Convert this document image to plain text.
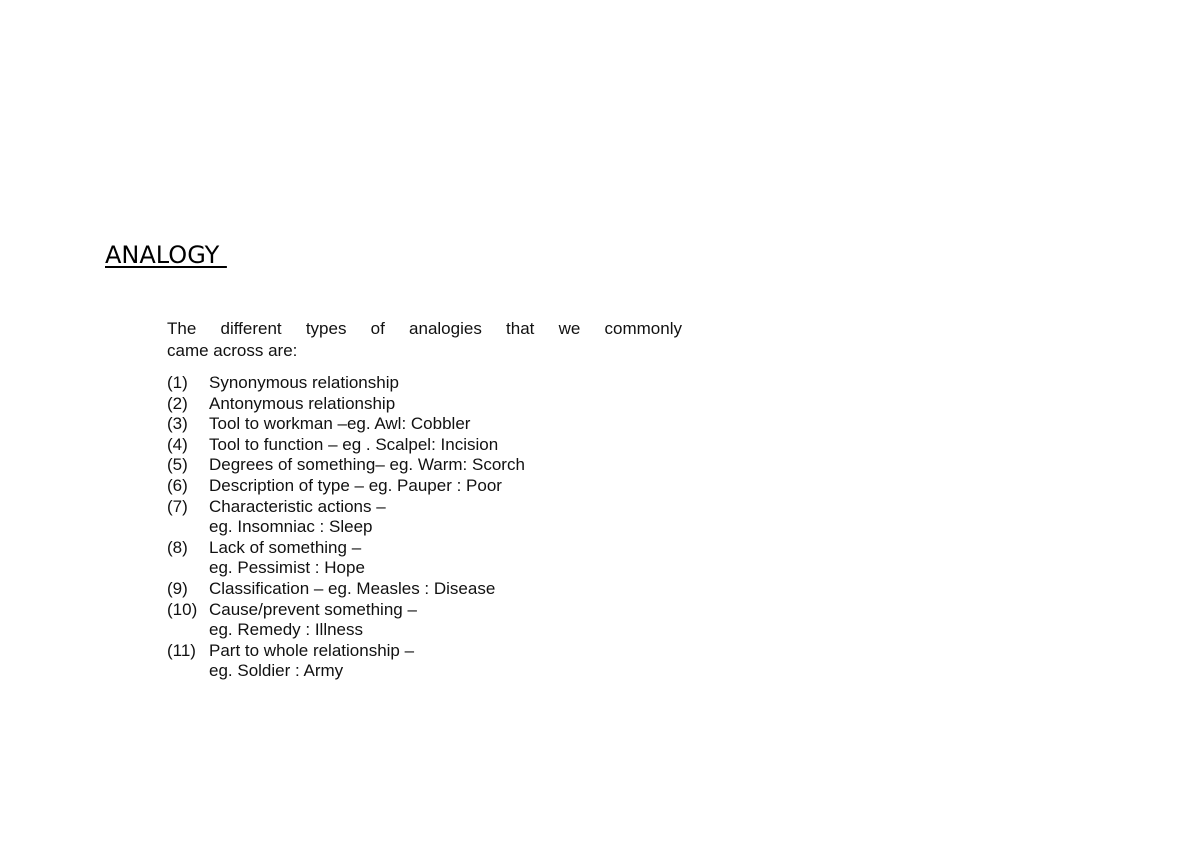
ANALOGY
The different types of analogies that we commonly
came across are:
(1)	Synonymous relationship
(2)	Antonymous relationship
(3)	Tool to workman –eg. Awl: Cobbler
(4)	Tool to function – eg . Scalpel: Incision
(5)	Degrees of something– eg. Warm: Scorch
(6)	Description of type – eg. Pauper : Poor
(7)	Characteristic actions –
eg. Insomniac : Sleep
(8)	Lack of something –
eg. Pessimist : Hope
(9)	Classification – eg. Measles : Disease
(10) Cause/prevent something –
eg. Remedy : Illness
(11) Part to whole relationship –
eg. Soldier : Army
